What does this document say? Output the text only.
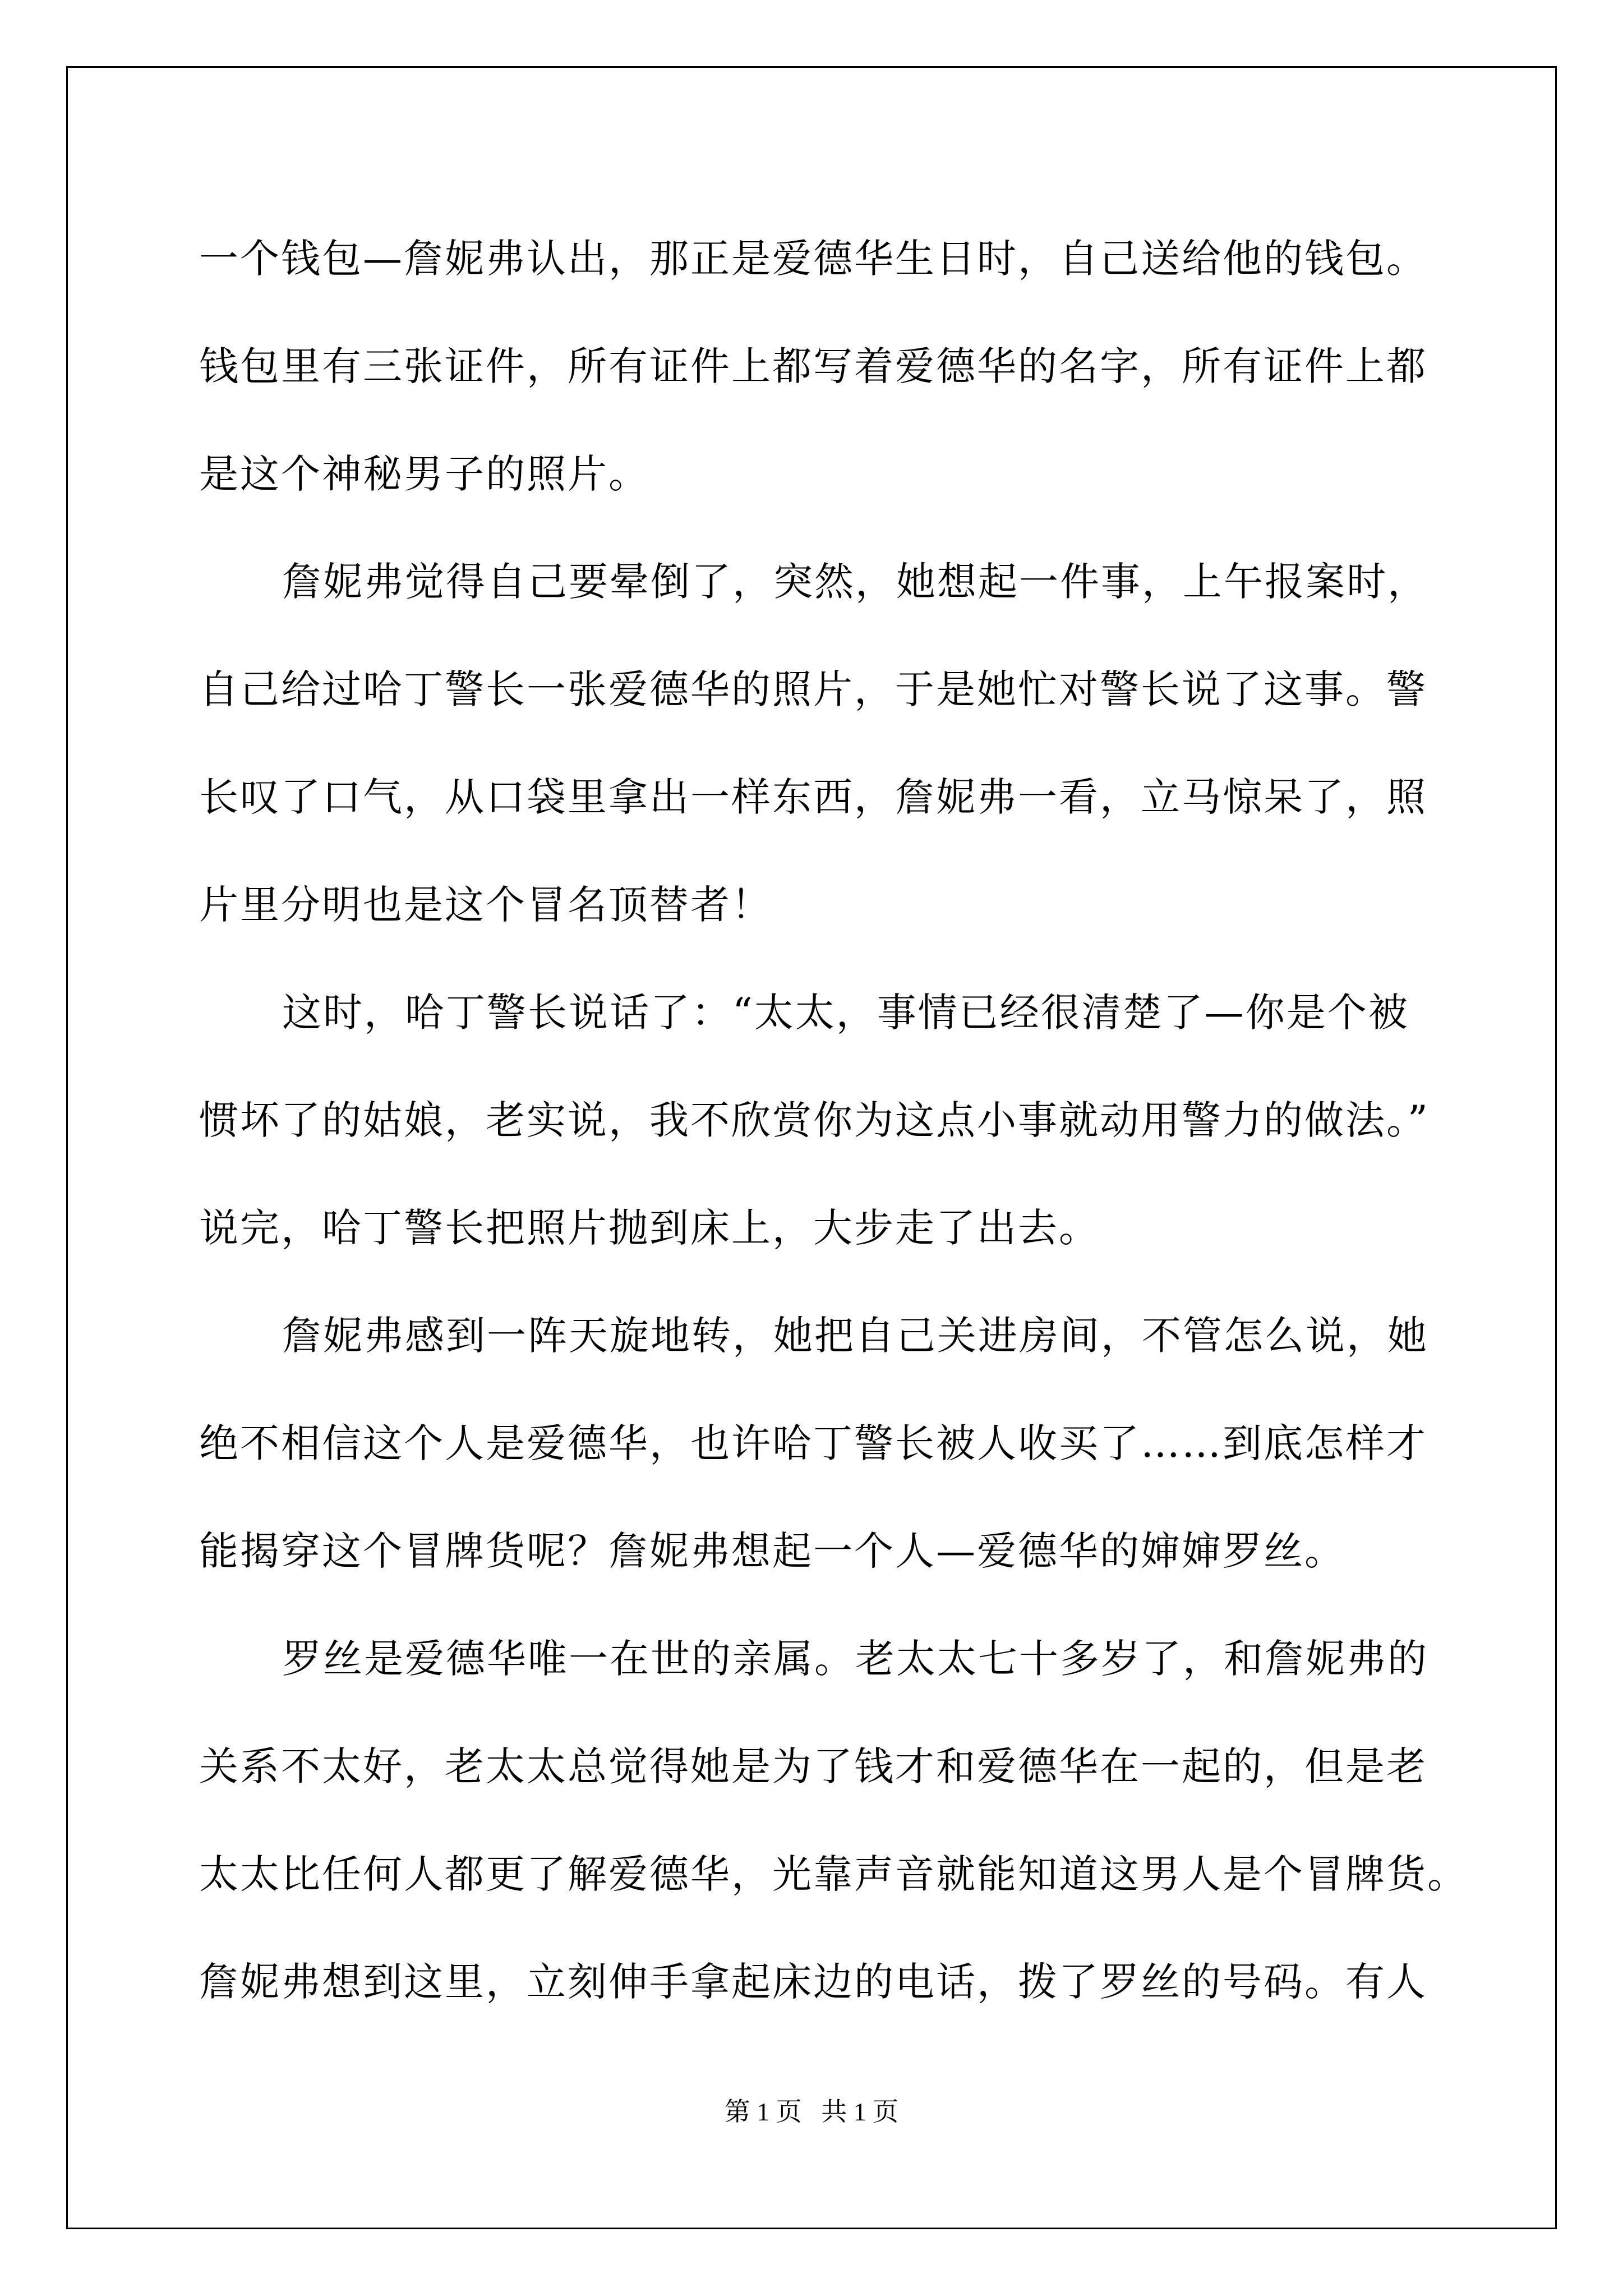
一个钱包—詹妮弗认出，那正是爱德华生日时，自己送给他的钱包。
钱包里有三张证件，所有证件上都写着爱德华的名字，所有证件上都
是这个神秘男子的照片。
詹妮弗觉得自己要晕倒了，突然，她想起一件事，上午报案时，
自己给过哈丁警长一张爱德华的照片，于是她忙对警长说了这事。警
长叹了口气，从口袋里拿出一样东西，詹妮弗一看，立马惊呆了，照
片里分明也是这个冒名顶替者！
这时，哈丁警长说话了：“太太，事情已经很清楚了—你是个被
惯坏了的姑娘，老实说，我不欣赏你为这点小事就动用警力的做法。”
说完，哈丁警长把照片抛到床上，大步走了出去。
詹妮弗感到一阵天旋地转，她把自己关进房间，不管怎么说，她
绝不相信这个人是爱德华，也许哈丁警长被人收买了……到底怎样才
能揭穿这个冒牌货呢？詹妮弗想起一个人—爱德华的婶婶罗丝。
罗丝是爱德华唯一在世的亲属。老太太七十多岁了，和詹妮弗的
关系不太好，老太太总觉得她是为了钱才和爱德华在一起的，但是老
太太比任何人都更了解爱德华，光靠声音就能知道这男人是个冒牌货。
詹妮弗想到这里，立刻伸手拿起床边的电话，拨了罗丝的号码。有人
第 1 页 共 1 页
